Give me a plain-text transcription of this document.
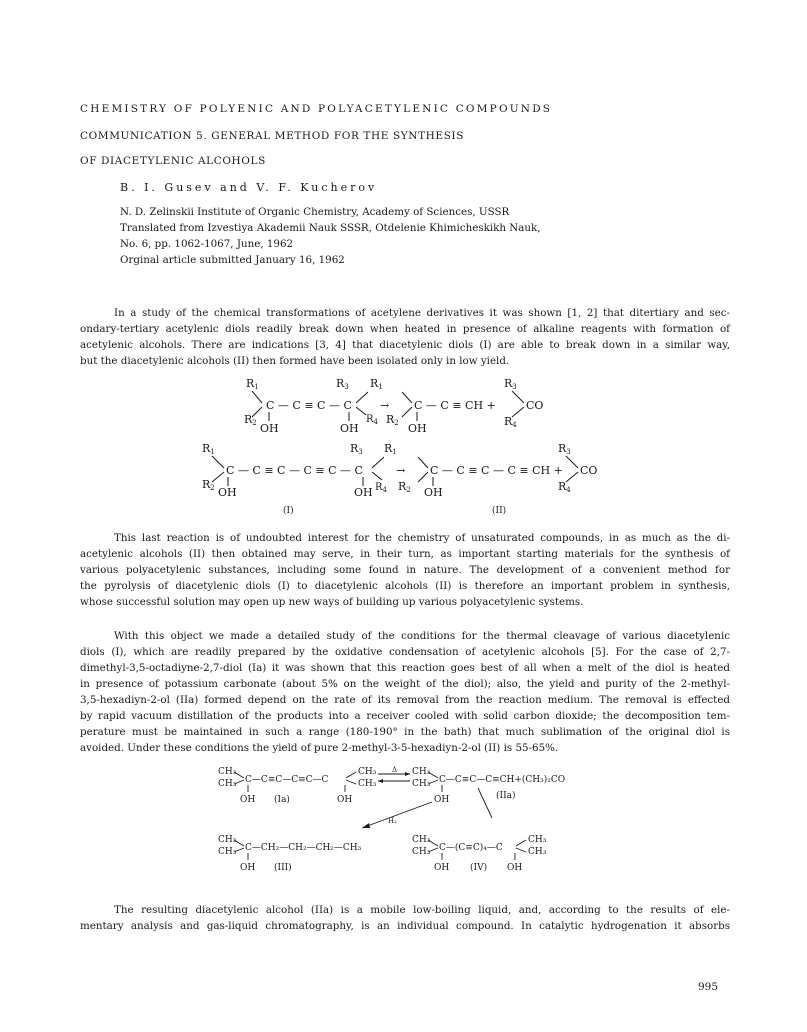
CHEMISTRY OF POLYENIC AND POLYACETYLENIC COMPOUNDS
COMMUNICATION 5. GENERAL METHOD FOR THE SYNTHESIS
OF DIACETYLENIC ALCOHOLS
B. I. Gusev and V. F. Kucherov
N. D. Zelinskii Institute of Organic Chemistry, Academy of Sciences, USSR
Translated from Izvestiya Akademii Nauk SSSR, Otdelenie Khimicheskikh Nauk,
No. 6, pp. 1062-1067, June, 1962
Orginal article submitted January 16, 1962
In a study of the chemical transformations of acetylene derivatives it was shown [1, 2] that ditertiary and sec-
ondary-tertiary acetylenic diols readily break down when heated in presence of alkaline reagents with formation of
acetylenic alcohols. There are indications [3, 4] that diacetylenic diols (I) are able to break down in a similar way,
but the diacetylenic alcohols (II) then formed have been isolated only in low yield.
R1
C — C ≡ C — C
R2 OH
R3
$R_4$
OH
→
R1
C — C ≡ CH +
R2 OH
R3
CO
R4
R1
C — C ≡ C — C ≡ C — C
R2 OH
R3
OH $R_4$
→
R1
C — C ≡ C — C ≡ CH +
R2 OH
R3
CO
R4
(I)	(II)
This last reaction is of undoubted interest for the chemistry of unsaturated compounds, in as much as the di-
acetylenic alcohols (II) then obtained may serve, in their turn, as important starting materials for the synthesis of
various polyacetylenic substances, including some found in nature. The development of a convenient method for
the pyrolysis of diacetylenic diols (I) to diacetylenic alcohols (II) is therefore an important problem in synthesis,
whose successful solution may open up new ways of building up various polyacetylenic systems.
With this object we made a detailed study of the conditions for the thermal cleavage of various diacetylenic
diols (I), which are readily prepared by the oxidative condensation of acetylenic alcohols [5]. For the case of 2,7-
dimethyl-3,5-octadiyne-2,7-diol (Ia) it was shown that this reaction goes best of all when a melt of the diol is heated
in presence of potassium carbonate (about 5% on the weight of the diol); also, the yield and purity of the 2-methyl-
3,5-hexadiyn-2-ol (IIa) formed depend on the rate of its removal from the reaction medium. The removal is effected
by rapid vacuum distillation of the products into a receiver cooled with solid carbon dioxide; the decomposition tem-
perature must be maintained in such a range (180-190° in the bath) that much sublimation of the original diol is
avoided. Under these conditions the yield of pure 2-methyl-3-5-hexadiyn-2-ol (II) is 55-65%.
CH₃
CH₃ C—C≡C—C≡C—C
OH (Ia)	OH
CH₃
CH₃
Δ CH₃
CH₃ C—C≡C—C≡CH+(CH₃)₂CO
OH	(IIa)
H₂
CH₃
CH₃ C—CH₂—CH₂—CH₂—CH₃
OH (III)
CH₃
CH₃ C—(C≡C)₄—C
OH (IV) OH
CH₃
CH₃
The resulting diacetylenic alcohol (IIa) is a mobile low-boiling liquid, and, according to the results of ele-
mentary analysis and gas-liquid chromatography, is an individual compound. In catalytic hydrogenation it absorbs
995
